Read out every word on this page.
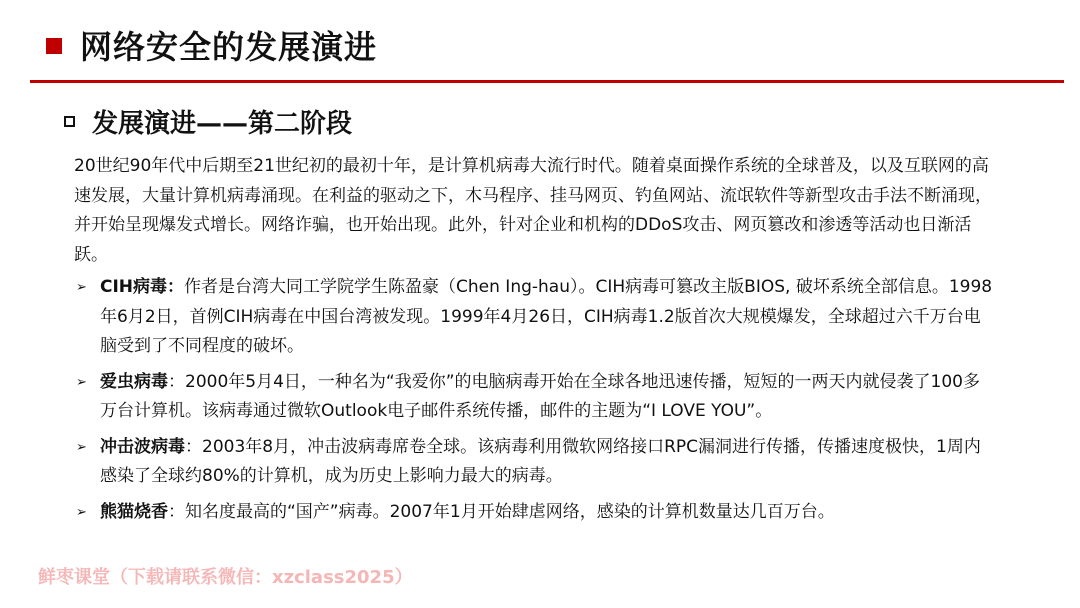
网络安全的发展演进
发展演进——第二阶段

20世纪90年代中后期至21世纪初的最初十年，是计算机病毒大流行时代。随着桌面操作系统的全球普及，以及互联网的高速发展，大量计算机病毒涌现。在利益的驱动之下，木马程序、挂马网页、钓鱼网站、流氓软件等新型攻击手法不断涌现，并开始呈现爆发式增长。网络诈骗，也开始出现。此外，针对企业和机构的DDoS攻击、网页篡改和渗透等活动也日渐活跃。

➢ CIH病毒：作者是台湾大同工学院学生陈盈豪（Chen Ing-hau）。CIH病毒可篡改主版BIOS, 破坏系统全部信息。1998年6月2日，首例CIH病毒在中国台湾被发现。1999年4月26日，CIH病毒1.2版首次大规模爆发，全球超过六千万台电脑受到了不同程度的破坏。

➢ 爱虫病毒：2000年5月4日，一种名为“我爱你”的电脑病毒开始在全球各地迅速传播，短短的一两天内就侵袭了100多万台计算机。该病毒通过微软Outlook电子邮件系统传播，邮件的主题为“I LOVE YOU”。

➢ 冲击波病毒：2003年8月，冲击波病毒席卷全球。该病毒利用微软网络接口RPC漏洞进行传播，传播速度极快，1周内感染了全球约80%的计算机，成为历史上影响力最大的病毒。

➢ 熊猫烧香：知名度最高的“国产”病毒。2007年1月开始肆虐网络，感染的计算机数量达几百万台。

鲜枣课堂（下载请联系微信：xzclass2025）
